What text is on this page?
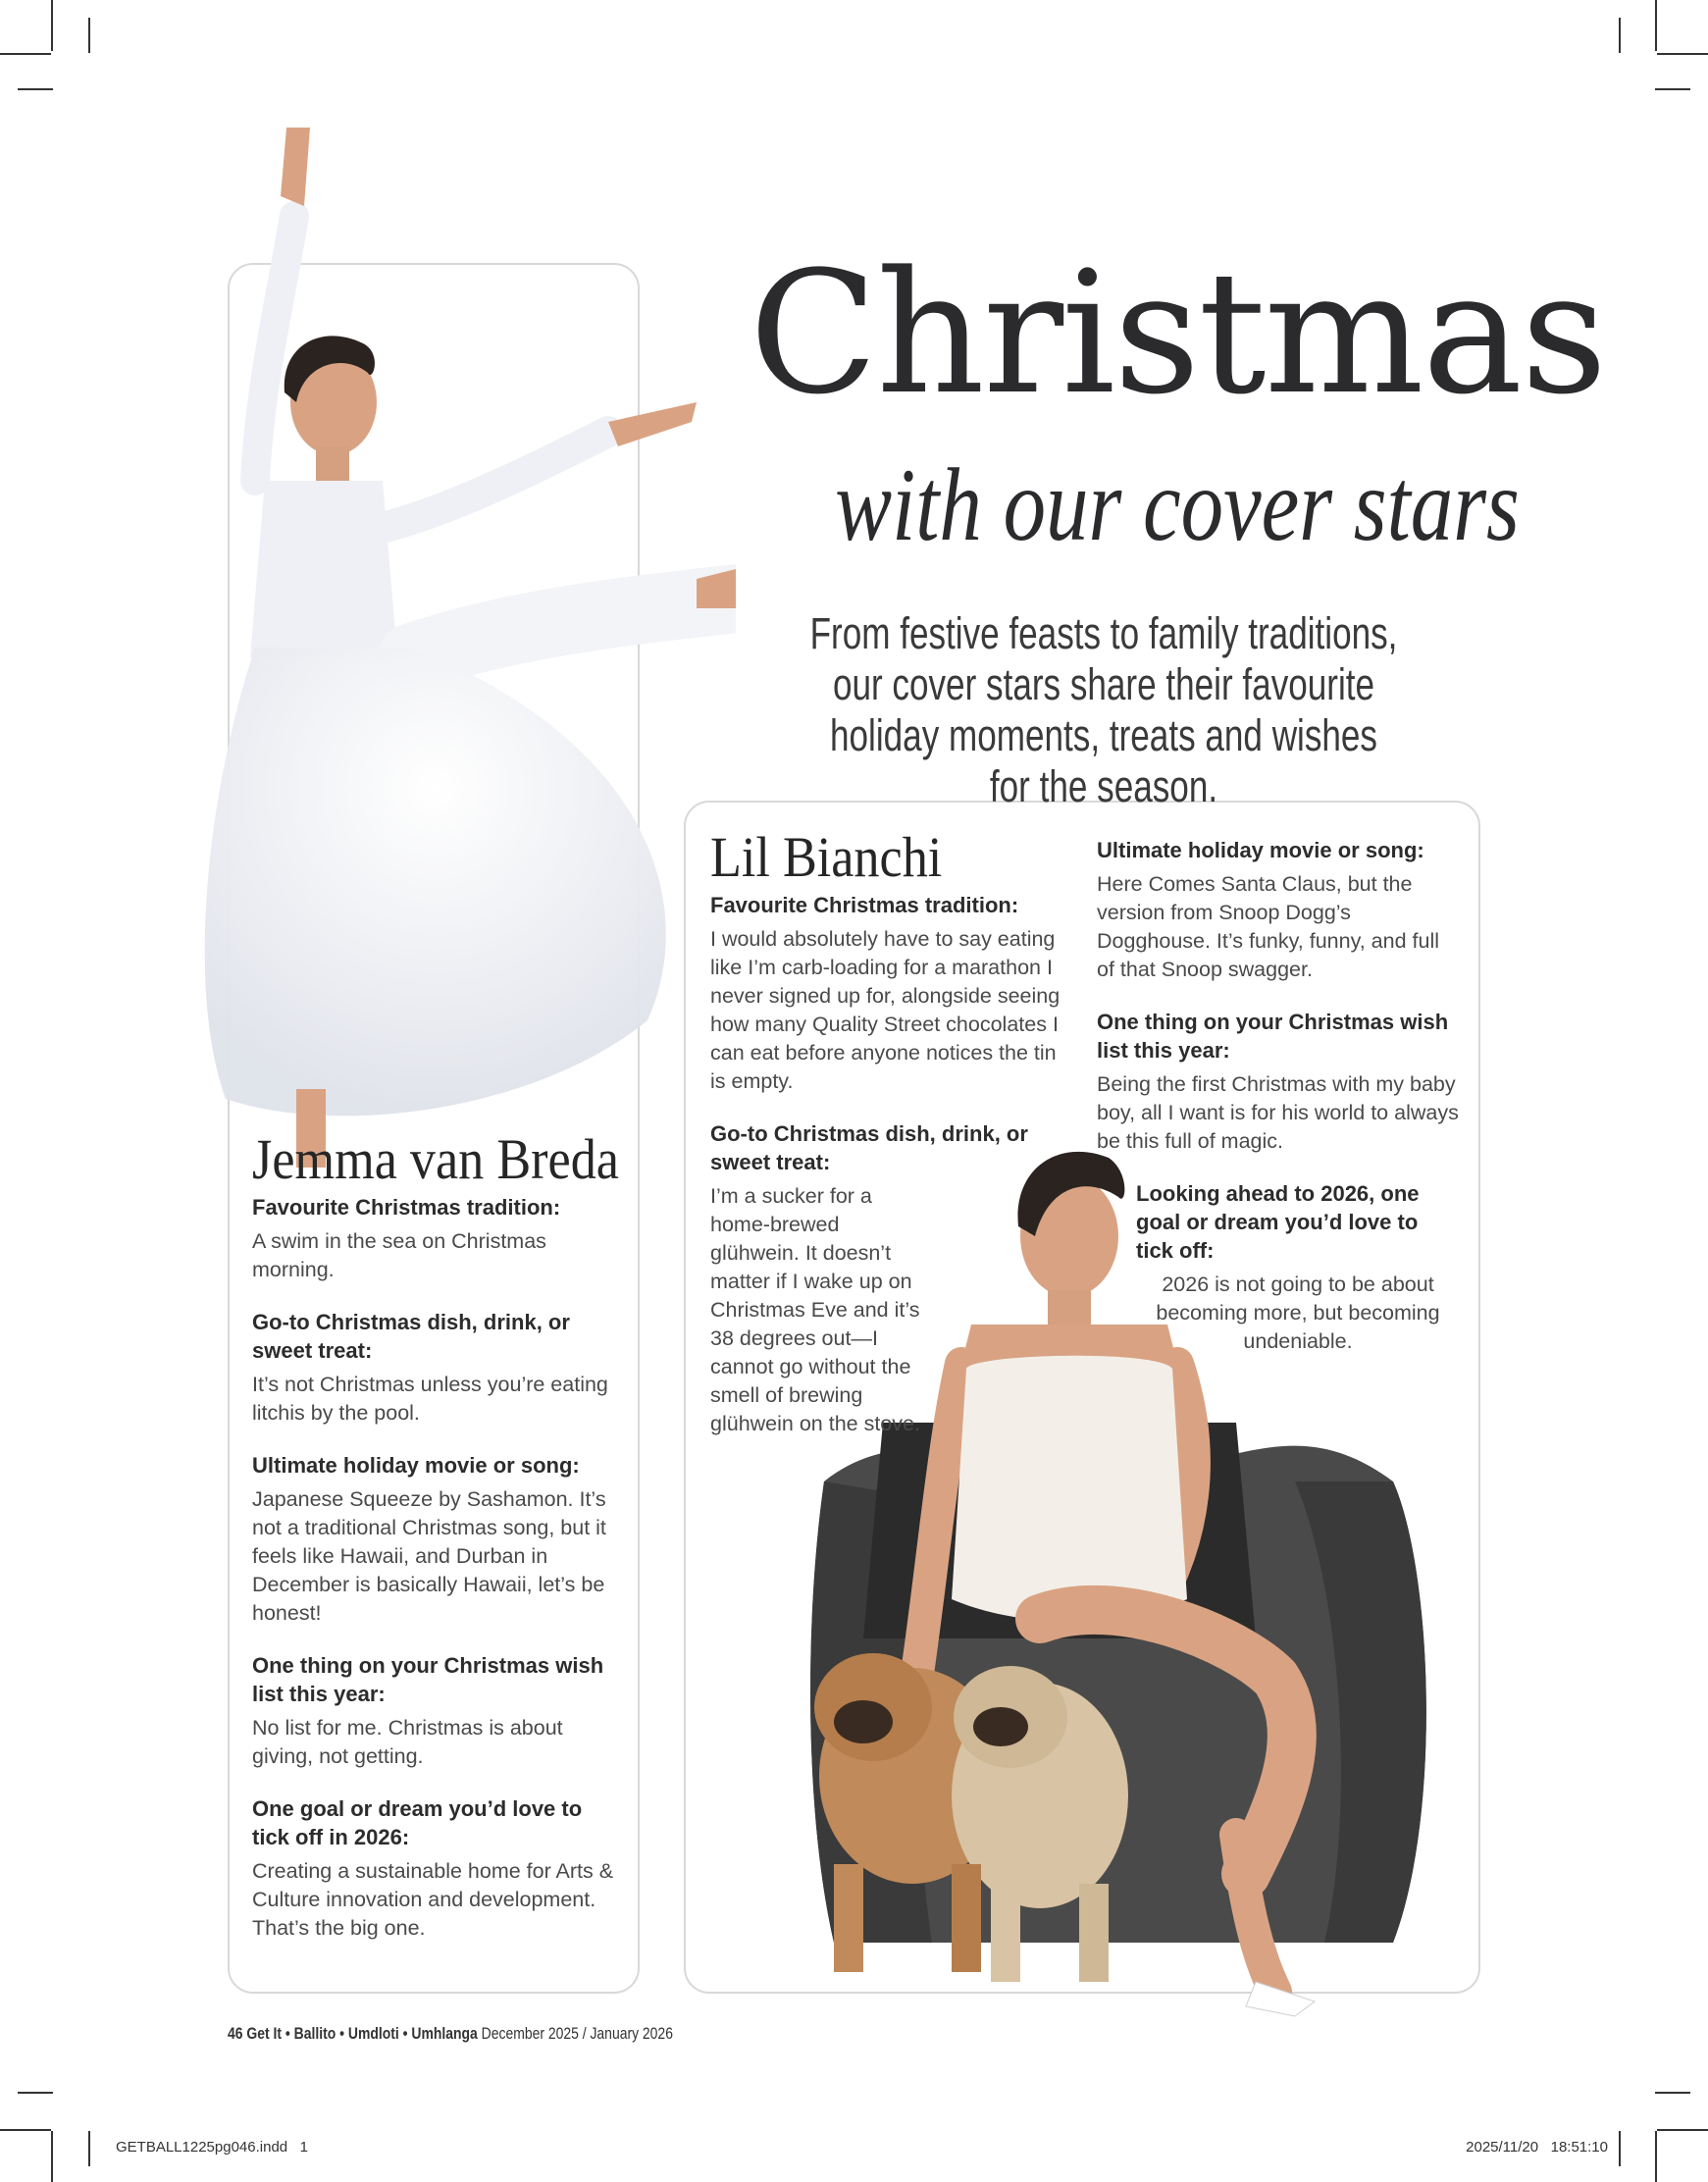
Christmas
with our cover stars
From festive feasts to family traditions, our cover stars share their favourite holiday moments, treats and wishes for the season.
Jemma van Breda
Favourite Christmas tradition:

A swim in the sea on Christmas morning.

Go-to Christmas dish, drink, or sweet treat:

It’s not Christmas unless you’re eating litchis by the pool.

Ultimate holiday movie or song:

Japanese Squeeze by Sashamon. It’s not a traditional Christmas song, but it feels like Hawaii, and Durban in December is basically Hawaii, let’s be honest!

One thing on your Christmas wish list this year:

No list for me. Christmas is about giving, not getting.

One goal or dream you’d love to tick off in 2026:

Creating a sustainable home for Arts & Culture innovation and development. That’s the big one.

Lil Bianchi
Favourite Christmas tradition:

I would absolutely have to say eating like I’m carb-loading for a marathon I never signed up for, alongside seeing how many Quality Street chocolates I can eat before anyone notices the tin is empty.

Go-to Christmas dish, drink, or sweet treat:

I’m a sucker for a home-brewed glühwein. It doesn’t matter if I wake up on Christmas Eve and it’s 38 degrees out—I cannot go without the smell of brewing glühwein on the stove.

Ultimate holiday movie or song:

Here Comes Santa Claus, but the version from Snoop Dogg’s Dogghouse. It’s funky, funny, and full of that Snoop swagger.

One thing on your Christmas wish list this year:

Being the first Christmas with my baby boy, all I want is for his world to always be this full of magic.

Looking ahead to 2026, one goal or dream you’d love to tick off:

2026 is not going to be about becoming more, but becoming undeniable.

46 Get It • Ballito • Umdloti • Umhlanga December 2025 / January 2026
GETBALL1225pg046.indd   1	2025/11/20   18:51:10
